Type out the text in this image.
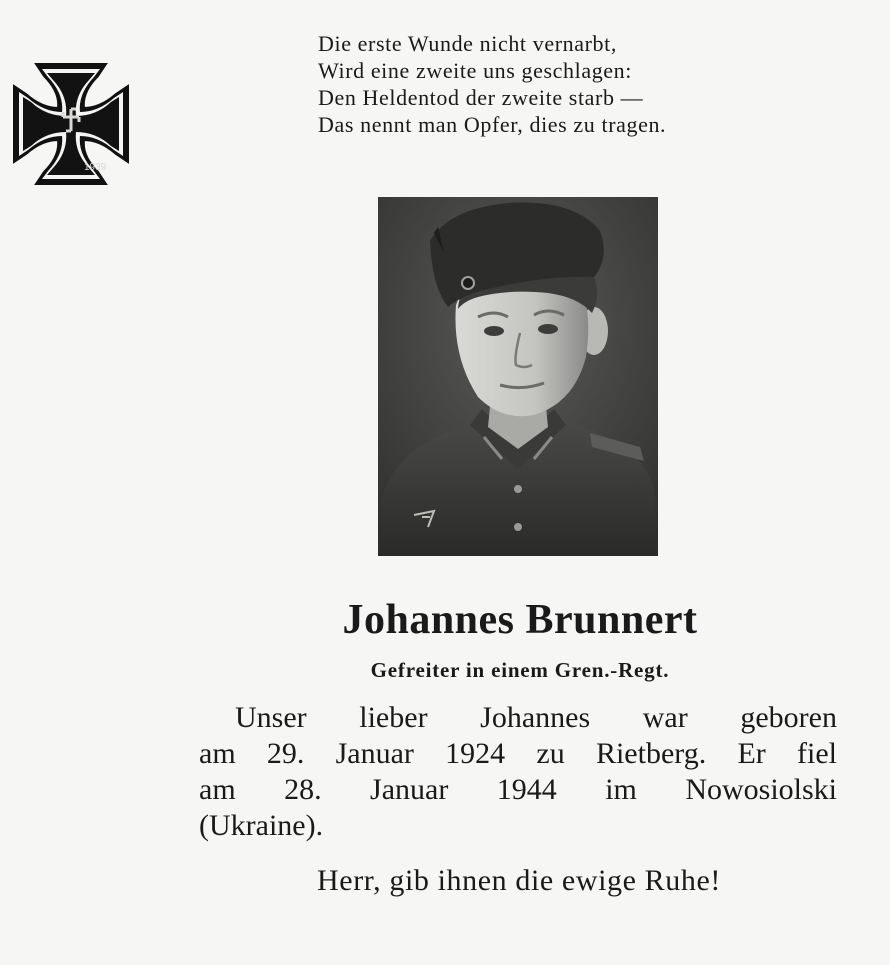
1939
Die erste Wunde nicht vernarbt,
Wird eine zweite uns geschlagen:
Den Heldentod der zweite starb —
Das nennt man Opfer, dies zu tragen.
Johannes Brunnert
Gefreiter in einem Gren.-Regt.
Unser lieber Johannes war geboren
am 29. Januar 1924 zu Rietberg. Er fiel
am 28. Januar 1944 im Nowosiolski
(Ukraine).
Herr, gib ihnen die ewige Ruhe!
